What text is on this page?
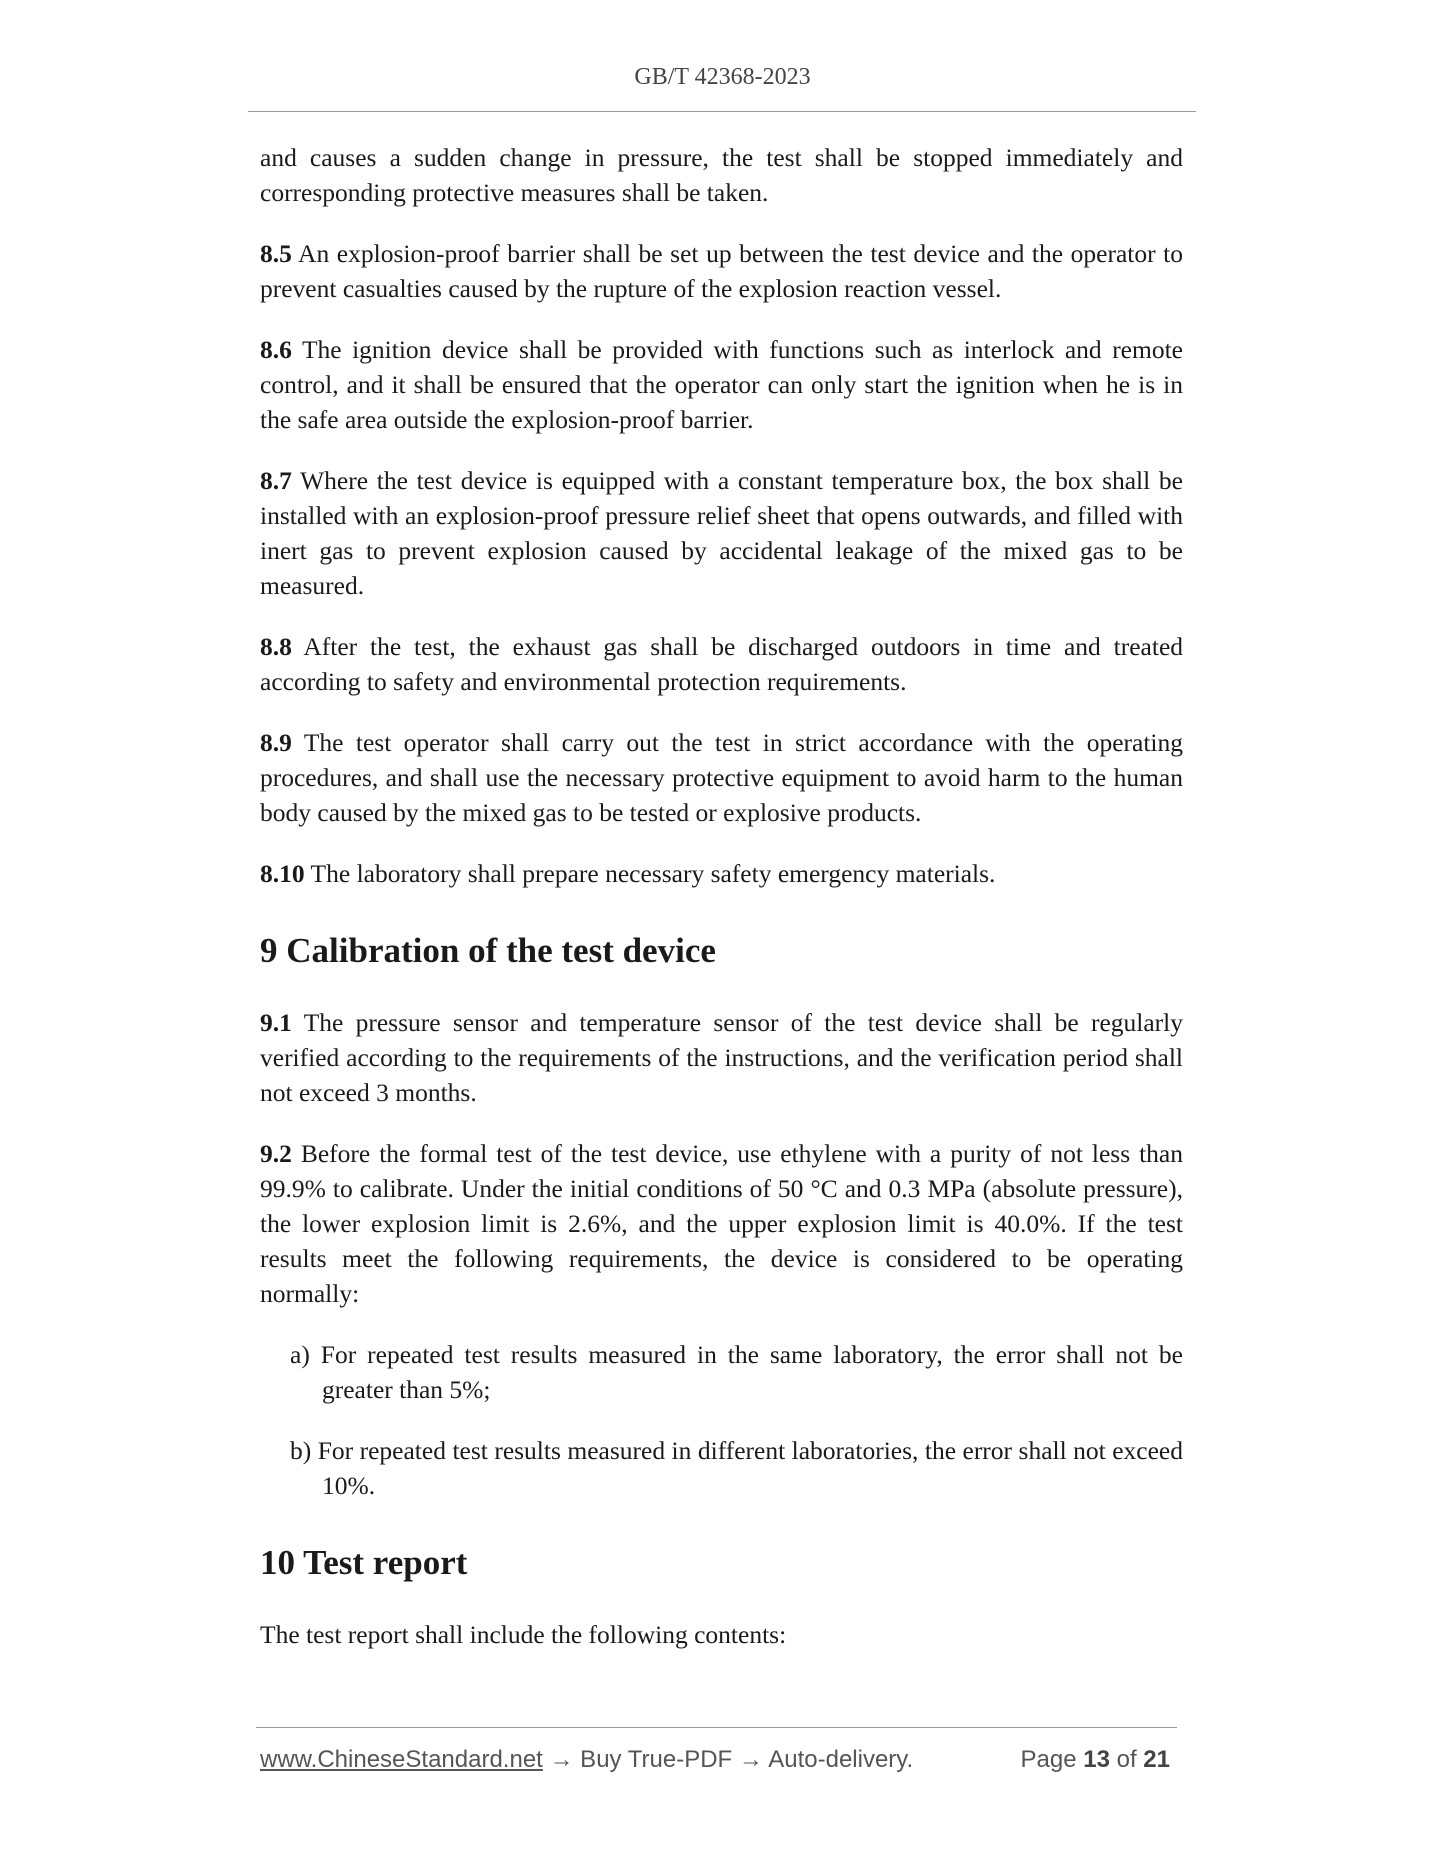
GB/T 42368-2023

and causes a sudden change in pressure, the test shall be stopped immediately and corresponding protective measures shall be taken.

8.5 An explosion-proof barrier shall be set up between the test device and the operator to prevent casualties caused by the rupture of the explosion reaction vessel.

8.6 The ignition device shall be provided with functions such as interlock and remote control, and it shall be ensured that the operator can only start the ignition when he is in the safe area outside the explosion-proof barrier.

8.7 Where the test device is equipped with a constant temperature box, the box shall be installed with an explosion-proof pressure relief sheet that opens outwards, and filled with inert gas to prevent explosion caused by accidental leakage of the mixed gas to be measured.

8.8 After the test, the exhaust gas shall be discharged outdoors in time and treated according to safety and environmental protection requirements.

8.9 The test operator shall carry out the test in strict accordance with the operating procedures, and shall use the necessary protective equipment to avoid harm to the human body caused by the mixed gas to be tested or explosive products.

8.10 The laboratory shall prepare necessary safety emergency materials.

9 Calibration of the test device

9.1 The pressure sensor and temperature sensor of the test device shall be regularly verified according to the requirements of the instructions, and the verification period shall not exceed 3 months.

9.2 Before the formal test of the test device, use ethylene with a purity of not less than 99.9% to calibrate. Under the initial conditions of 50 °C and 0.3 MPa (absolute pressure), the lower explosion limit is 2.6%, and the upper explosion limit is 40.0%. If the test results meet the following requirements, the device is considered to be operating normally:

a) For repeated test results measured in the same laboratory, the error shall not be greater than 5%;

b) For repeated test results measured in different laboratories, the error shall not exceed 10%.

10 Test report

The test report shall include the following contents:

www.ChineseStandard.net → Buy True-PDF → Auto-delivery.	Page 13 of 21
